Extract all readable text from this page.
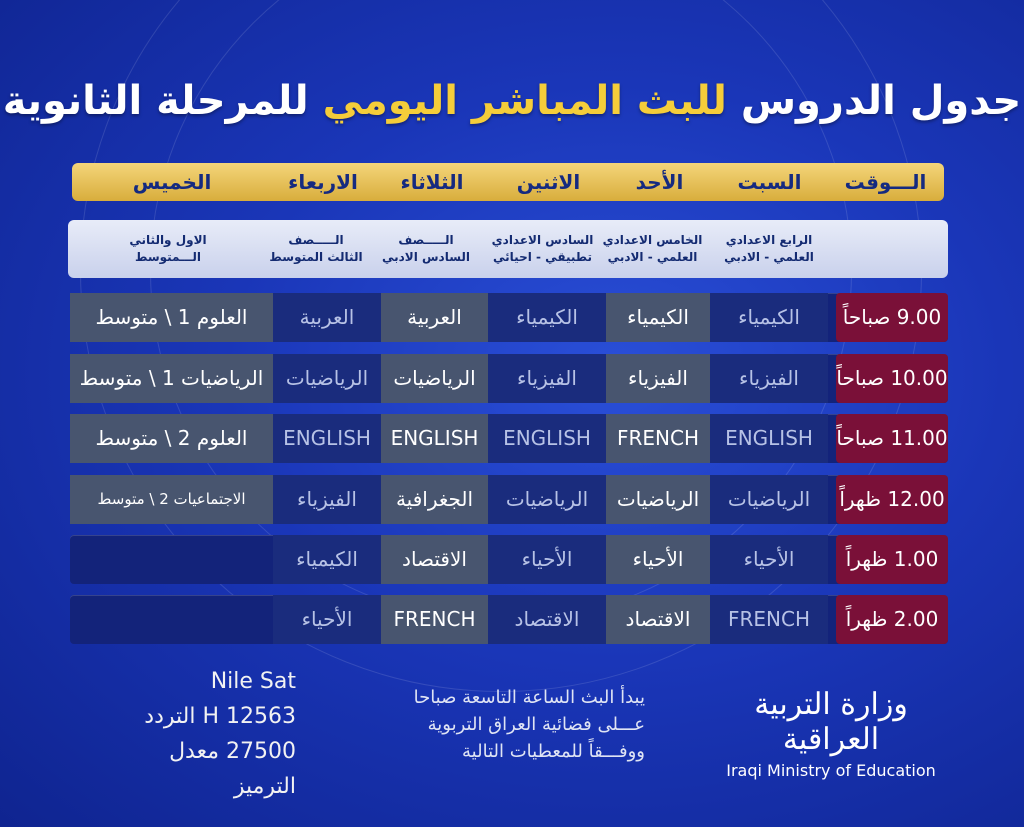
جدول الدروس للبث المباشر اليومي للمرحلة الثانوية
الـــوقت
السبت
الأحد
الاثنين
الثلاثاء
الاربعاء
الخميس
الرابع الاعدادي
العلمي - الادبي
الخامس الاعدادي
العلمي - الادبي
السادس الاعدادي
تطبيقي - احيائي
الـــــصف
السادس الادبي
الـــــصف
الثالث المتوسط
الاول والثاني
الـــمتوسط
9.00 صباحاً
الكيمياء
الكيمياء
الكيمياء
العربية
العربية
العلوم 1 \ متوسط
10.00 صباحاً
الفيزياء
الفيزياء
الفيزياء
الرياضيات
الرياضيات
الرياضيات 1 \ متوسط
11.00 صباحاً
ENGLISH
FRENCH
ENGLISH
ENGLISH
ENGLISH
العلوم 2 \ متوسط
12.00 ظهراً
الرياضيات
الرياضيات
الرياضيات
الجغرافية
الفيزياء
الاجتماعيات 2 \ متوسط
1.00 ظهراً
الأحياء
الأحياء
الأحياء
الاقتصاد
الكيمياء
2.00 ظهراً
FRENCH
الاقتصاد
الاقتصاد
FRENCH
الأحياء
Nile Sat
12563 H التردد
27500 معدل الترميز
يبدأ البث الساعة التاسعة صباحا
عـــلى فضائية العراق التربوية
ووفـــقاً للمعطيات التالية
وزارة التربية العراقية
Iraqi Ministry of Education
